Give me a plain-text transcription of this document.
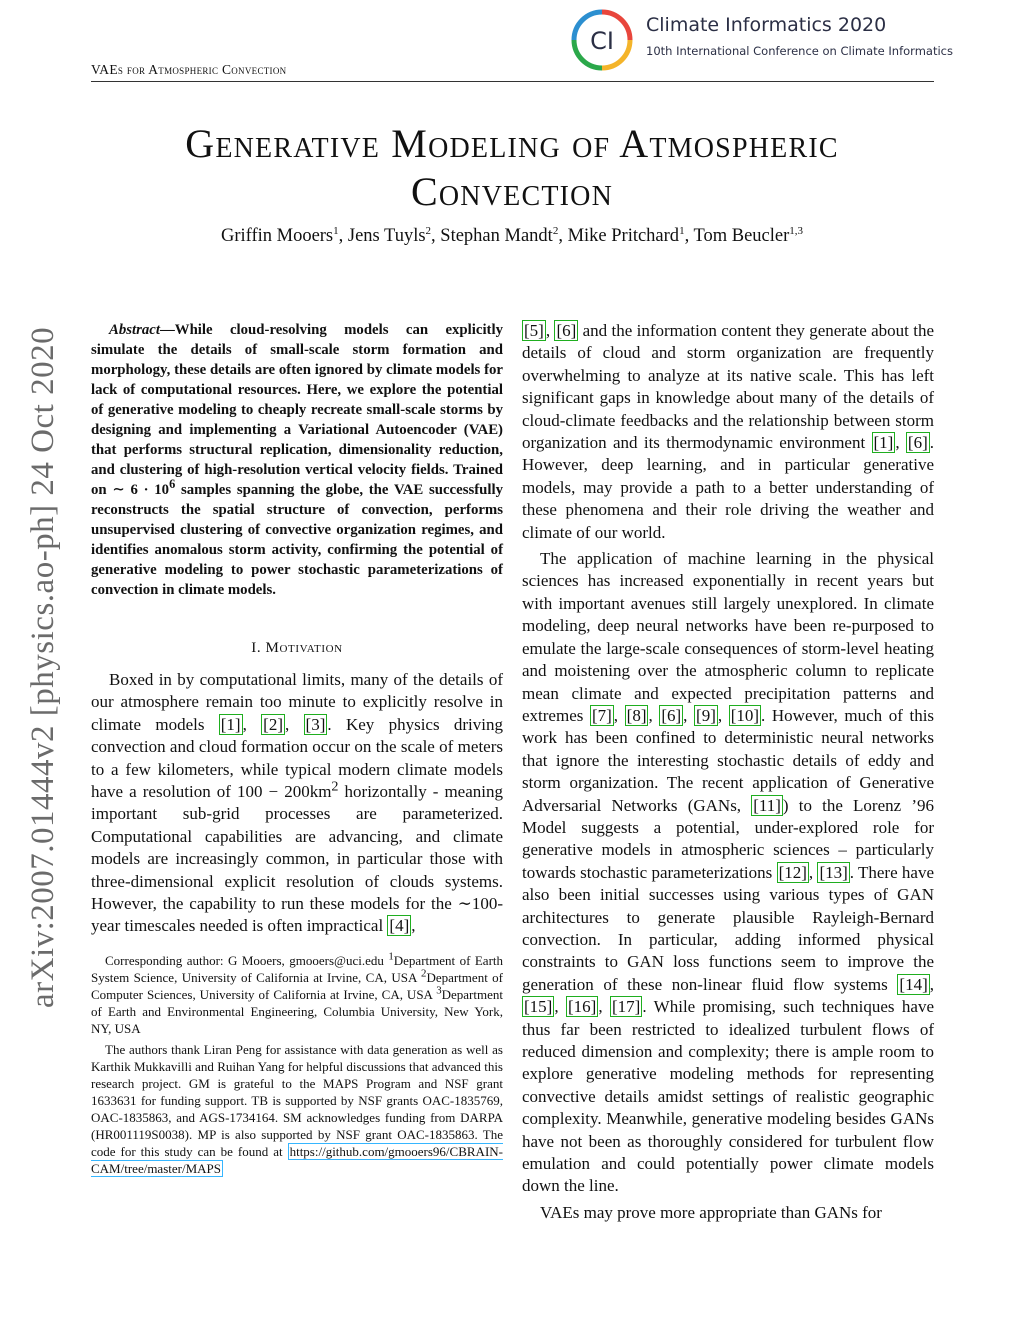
CI
Climate Informatics 2020
10th International Conference on Climate Informatics
VAEs for Atmospheric Convection
Generative Modeling of Atmospheric Convection
Griffin Mooers$^1$, Jens Tuyls$^2$, Stephan Mandt$^2$, Mike Pritchard$^1$, Tom Beucler$^{1,3}$
arXiv:2007.01444v2 [physics.ao-ph] 24 Oct 2020	Abstract—While cloud-resolving models can explicitly simulate the details of small-scale storm formation and morphology, these details are often ignored by climate models for lack of computational resources. Here, we explore the potential of generative modeling to cheaply recreate small-scale storms by designing and implementing a Variational Autoencoder (VAE) that performs structural replication, dimensionality reduction, and clustering of high-resolution vertical velocity fields. Trained on ∼ $6 \cdot 10^6$ samples spanning the globe, the VAE successfully reconstructs the spatial structure of convection, performs unsupervised clustering of convective organization regimes, and identifies anomalous storm activity, confirming the potential of generative modeling to power stochastic parameterizations of convection in climate models.

I. Motivation

Boxed in by computational limits, many of the details of our atmosphere remain too minute to explicitly resolve in climate models [1] , [2] , [3] . Key physics driving convection and cloud formation occur on the scale of meters to a few kilometers, while typical modern climate models have a resolution of $100 - 200km^2$ horizontally - meaning important sub-grid processes are parameterized. Computational capabilities are advancing, and climate models are increasingly common, in particular those with three-dimensional explicit resolution of clouds systems. However, the capability to run these models for the ∼100-year timescales needed is often impractical [4] ,

Corresponding author: G Mooers, gmooers@uci.edu $^1$Department of Earth System Science, University of California at Irvine, CA, USA $^2$Department of Computer Sciences, University of California at Irvine, CA, USA $^3$Department of Earth and Environmental Engineering, Columbia University, New York, NY, USA

The authors thank Liran Peng for assistance with data generation as well as Karthik Mukkavilli and Ruihan Yang for helpful discussions that advanced this research project. GM is grateful to the MAPS Program and NSF grant 1633631 for funding support. TB is supported by NSF grants OAC-1835769, OAC-1835863, and AGS-1734164. SM acknowledges funding from DARPA (HR001119S0038). MP is also supported by NSF grant OAC-1835863. The code for this study can be found at https://github.com/gmooers96/CBRAIN-CAM/tree/master/MAPS

[5] , [6] and the information content they generate about the details of cloud and storm organization are frequently overwhelming to analyze at its native scale. This has left significant gaps in knowledge about many of the details of cloud-climate feedbacks and the relationship between storm organization and its thermodynamic environment [1] , [6] . However, deep learning, and in particular generative models, may provide a path to a better understanding of these phenomena and their role driving the weather and climate of our world.

The application of machine learning in the physical sciences has increased exponentially in recent years but with important avenues still largely unexplored. In climate modeling, deep neural networks have been re-purposed to emulate the large-scale consequences of storm-level heating and moistening over the atmospheric column to replicate mean climate and expected precipitation patterns and extremes [7] , [8] , [6] , [9] , [10] . However, much of this work has been confined to deterministic neural networks that ignore the interesting stochastic details of eddy and storm organization. The recent application of Generative Adversarial Networks (GANs, [11] ) to the Lorenz ’96 Model suggests a potential, under-explored role for generative models in atmospheric sciences – particularly towards stochastic parameterizations [12] , [13] . There have also been initial successes using various types of GAN architectures to generate plausible Rayleigh-Bernard convection. In particular, adding informed physical constraints to GAN loss functions seem to improve the generation of these non-linear fluid flow systems [14] , [15] , [16] , [17] . While promising, such techniques have thus far been restricted to idealized turbulent flows of reduced dimension and complexity; there is ample room to explore generative modeling methods for representing convective details amidst settings of realistic geographic complexity. Meanwhile, generative modeling besides GANs have not been as thoroughly considered for turbulent flow emulation and could potentially power climate models down the line.

VAEs may prove more appropriate than GANs for
